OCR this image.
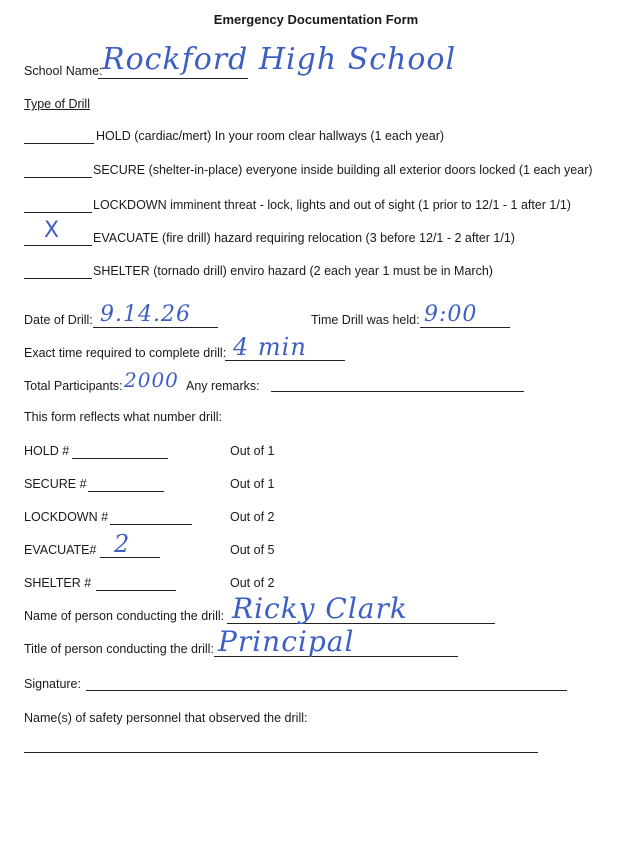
Emergency Documentation Form
School Name: Rockford High School
Type of Drill
HOLD (cardiac/mert) In your room clear hallways (1 each year)
SECURE (shelter-in-place) everyone inside building all exterior doors locked (1 each year)
LOCKDOWN imminent threat - lock, lights and out of sight (1 prior to 12/1 - 1 after 1/1)
X	EVACUATE (fire drill) hazard requiring relocation (3 before 12/1 - 2 after 1/1)
SHELTER (tornado drill) enviro hazard (2 each year 1 must be in March)
Date of Drill: 9.14.26	Time Drill was held: 9:00
Exact time required to complete drill: 4 min
Total Participants: 2000 Any remarks:
This form reflects what number drill:
HOLD #	Out of 1
SECURE #	Out of 1
LOCKDOWN #	Out of 2
EVACUATE# 2	Out of 5
SHELTER #	Out of 2
Name of person conducting the drill: Ricky Clark
Title of person conducting the drill: Principal
Signature:
Name(s) of safety personnel that observed the drill:
